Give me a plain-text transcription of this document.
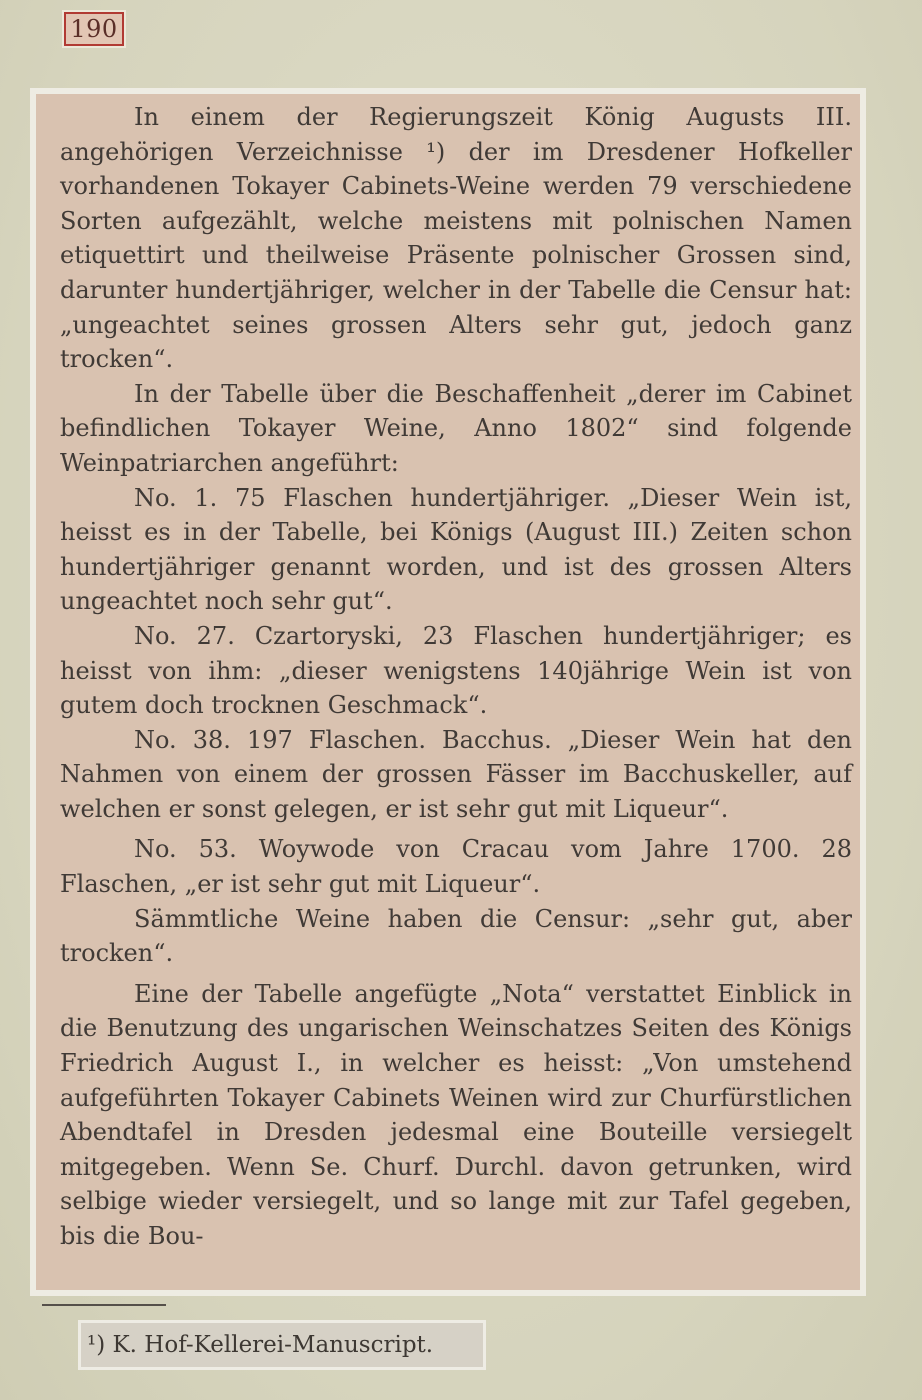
190

In einem der Regierungszeit König Augusts III. angehörigen Verzeichnisse ¹) der im Dresdener Hofkeller vorhandenen Tokayer Cabinets-Weine werden 79 verschiedene Sorten aufgezählt, welche meistens mit polnischen Namen etiquettirt und theilweise Präsente polnischer Grossen sind, darunter hundertjähriger, welcher in der Tabelle die Censur hat: „ungeachtet seines grossen Alters sehr gut, jedoch ganz trocken“.

In der Tabelle über die Beschaffenheit „derer im Cabinet befindlichen Tokayer Weine, Anno 1802“ sind folgende Weinpatriarchen angeführt:

No. 1. 75 Flaschen hundertjähriger. „Dieser Wein ist, heisst es in der Tabelle, bei Königs (August III.) Zeiten schon hundertjähriger genannt worden, und ist des grossen Alters ungeachtet noch sehr gut“.

No. 27. Czartoryski, 23 Flaschen hundertjähriger; es heisst von ihm: „dieser wenigstens 140jährige Wein ist von gutem doch trocknen Geschmack“.

No. 38. 197 Flaschen. Bacchus. „Dieser Wein hat den Nahmen von einem der grossen Fässer im Bacchuskeller, auf welchen er sonst gelegen, er ist sehr gut mit Liqueur“.

No. 53. Woywode von Cracau vom Jahre 1700. 28 Flaschen, „er ist sehr gut mit Liqueur“.

Sämmtliche Weine haben die Censur: „sehr gut, aber trocken“.

Eine der Tabelle angefügte „Nota“ verstattet Einblick in die Benutzung des ungarischen Weinschatzes Seiten des Königs Friedrich August I., in welcher es heisst: „Von umstehend aufgeführten Tokayer Cabinets Weinen wird zur Churfürstlichen Abendtafel in Dresden jedesmal eine Bouteille versiegelt mitgegeben. Wenn Se. Churf. Durchl. davon getrunken, wird selbige wieder versiegelt, und so lange mit zur Tafel gegeben, bis die Bou-

¹) K. Hof-Kellerei-Manuscript.
